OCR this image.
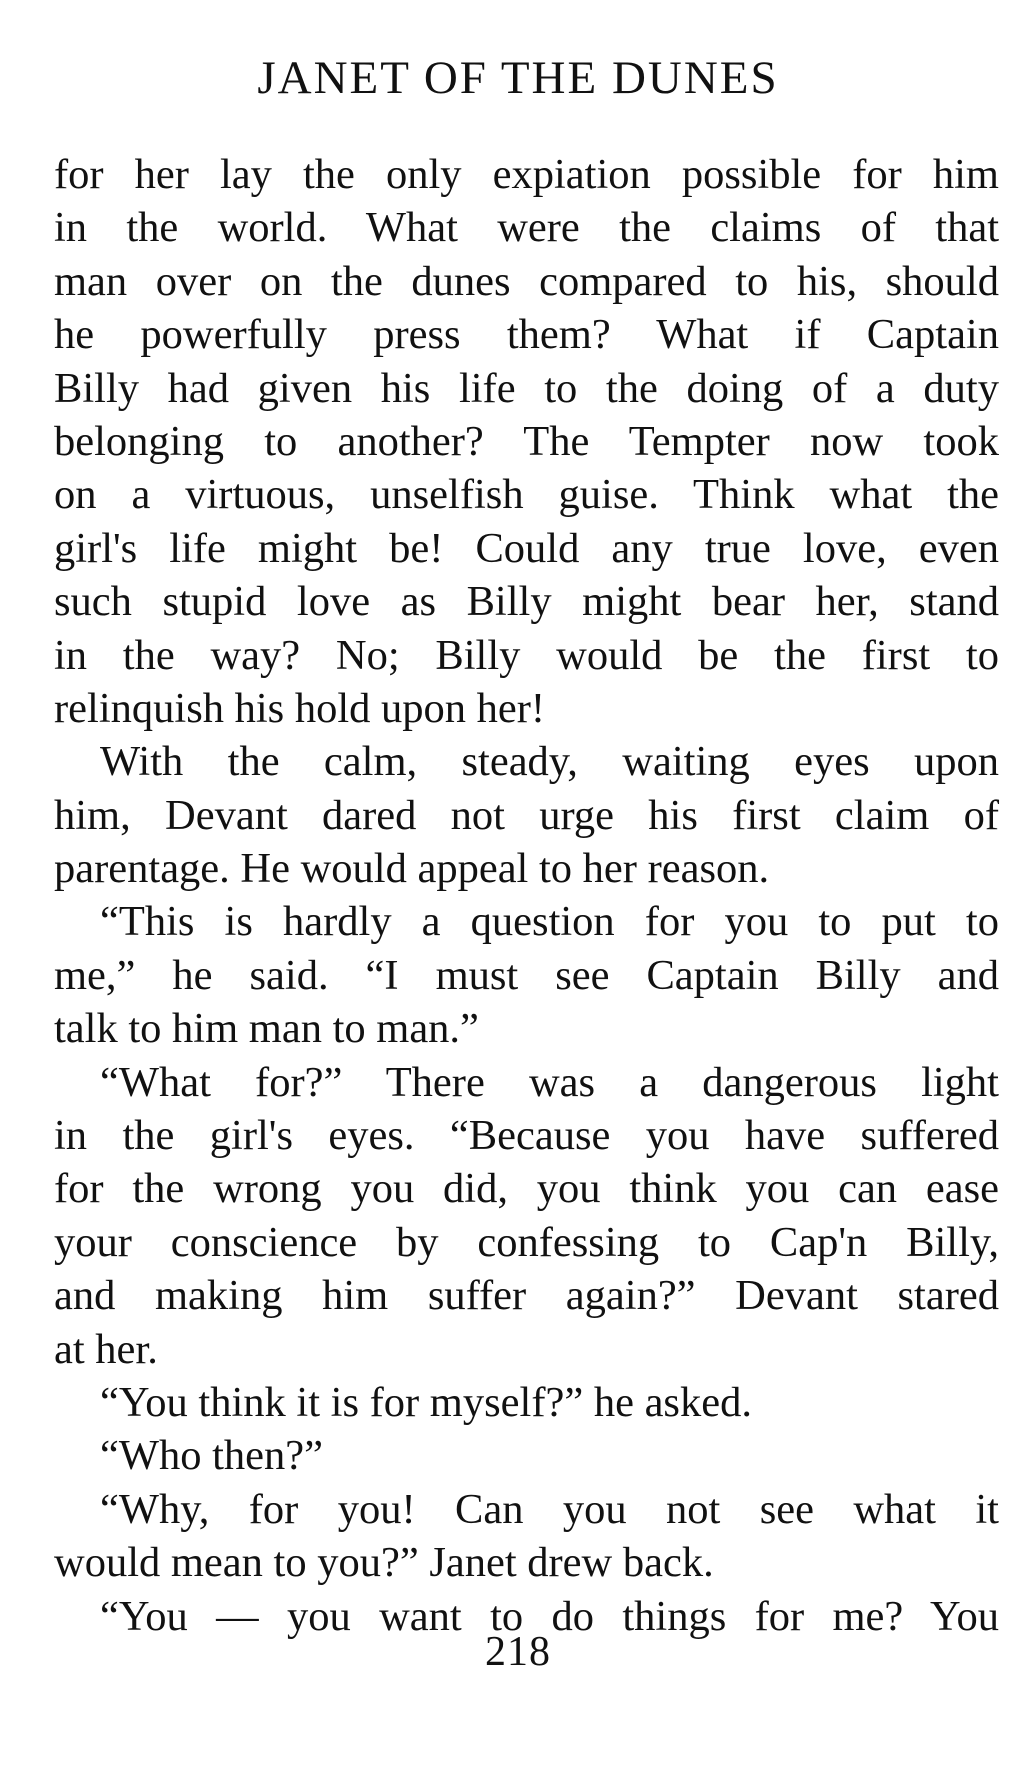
JANET OF THE DUNES
for her lay the only expiation possible for him
in the world. What were the claims of that
man over on the dunes compared to his, should
he powerfully press them? What if Captain
Billy had given his life to the doing of a duty
belonging to another? The Tempter now took
on a virtuous, unselfish guise. Think what the
girl's life might be! Could any true love, even
such stupid love as Billy might bear her, stand
in the way? No; Billy would be the first to
relinquish his hold upon her!
With the calm, steady, waiting eyes upon
him, Devant dared not urge his first claim of
parentage. He would appeal to her reason.
“This is hardly a question for you to put to
me,” he said. “I must see Captain Billy and
talk to him man to man.”
“What for?” There was a dangerous light
in the girl's eyes. “Because you have suffered
for the wrong you did, you think you can ease
your conscience by confessing to Cap'n Billy,
and making him suffer again?” Devant stared
at her.
“You think it is for myself?” he asked.
“Who then?”
“Why, for you! Can you not see what it
would mean to you?” Janet drew back.
“You — you want to do things for me? You
218
